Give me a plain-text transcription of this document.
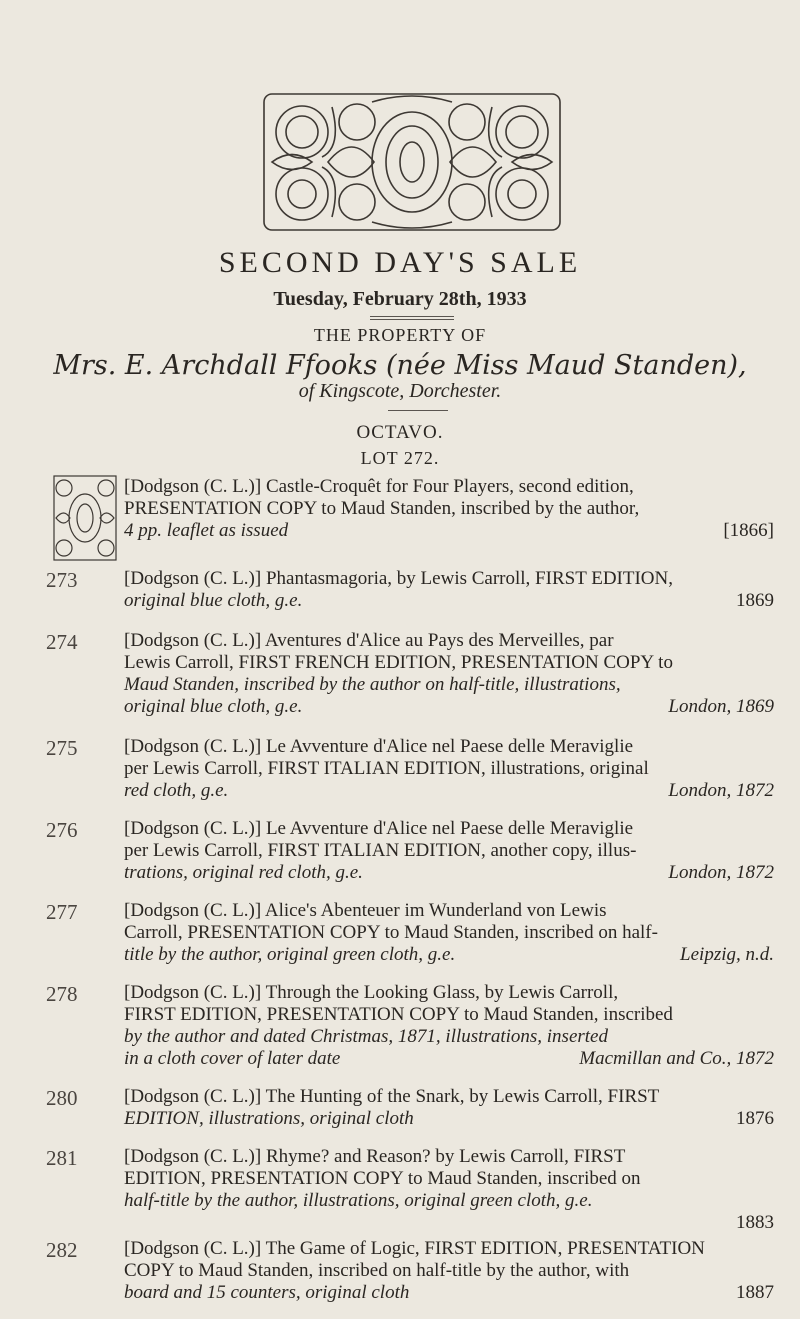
SECOND DAY'S SALE
Tuesday, February 28th, 1933
THE PROPERTY OF
Mrs. E. Archdall Ffooks (née Miss Maud Standen),
of Kingscote, Dorchester.
OCTAVO.
LOT 272.
[Dodgson (C. L.)] Castle-Croquêt for Four Players, second edition,
PRESENTATION COPY to Maud Standen, inscribed by the author,
4 pp. leaflet as issued	[1866]
273	[Dodgson (C. L.)] Phantasmagoria, by Lewis Carroll, FIRST EDITION,
original blue cloth, g.e.	1869
274	[Dodgson (C. L.)] Aventures d'Alice au Pays des Merveilles, par
Lewis Carroll, FIRST FRENCH EDITION, PRESENTATION COPY to
Maud Standen, inscribed by the author on half-title, illustrations,
original blue cloth, g.e.	London, 1869
275	[Dodgson (C. L.)] Le Avventure d'Alice nel Paese delle Meraviglie
per Lewis Carroll, FIRST ITALIAN EDITION, illustrations, original
red cloth, g.e.	London, 1872
276	[Dodgson (C. L.)] Le Avventure d'Alice nel Paese delle Meraviglie
per Lewis Carroll, FIRST ITALIAN EDITION, another copy, illus-
trations, original red cloth, g.e.	London, 1872
277	[Dodgson (C. L.)] Alice's Abenteuer im Wunderland von Lewis
Carroll, PRESENTATION COPY to Maud Standen, inscribed on half-
title by the author, original green cloth, g.e.	Leipzig, n.d.
278	[Dodgson (C. L.)] Through the Looking Glass, by Lewis Carroll,
FIRST EDITION, PRESENTATION COPY to Maud Standen, inscribed
by the author and dated Christmas, 1871, illustrations, inserted
in a cloth cover of later date	Macmillan and Co., 1872
280	[Dodgson (C. L.)] The Hunting of the Snark, by Lewis Carroll, FIRST
EDITION, illustrations, original cloth	1876
281	[Dodgson (C. L.)] Rhyme? and Reason? by Lewis Carroll, FIRST
EDITION, PRESENTATION COPY to Maud Standen, inscribed on
half-title by the author, illustrations, original green cloth, g.e.
1883
282	[Dodgson (C. L.)] The Game of Logic, FIRST EDITION, PRESENTATION
COPY to Maud Standen, inscribed on half-title by the author, with
board and 15 counters, original cloth	1887
